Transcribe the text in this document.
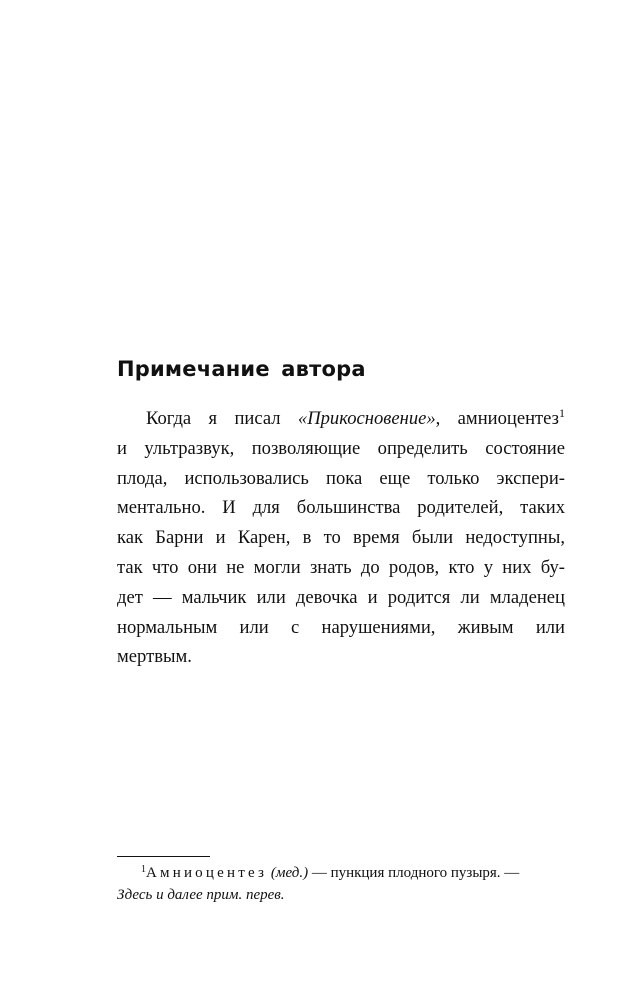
Примечание автора
Когда я писал «Прикосновение», амниоцентез$^1$
и ультразвук, позволяющие определить состояние
плода, использовались пока еще только экспери-
ментально. И для большинства родителей, таких
как Барни и Карен, в то время были недоступны,
так что они не могли знать до родов, кто у них бу-
дет — мальчик или девочка и родится ли младенец
нормальным или с нарушениями, живым или
мертвым.
$^1$Амниоцентез (мед.) — пункция плодного пузыря. —
Здесь и далее прим. перев.
